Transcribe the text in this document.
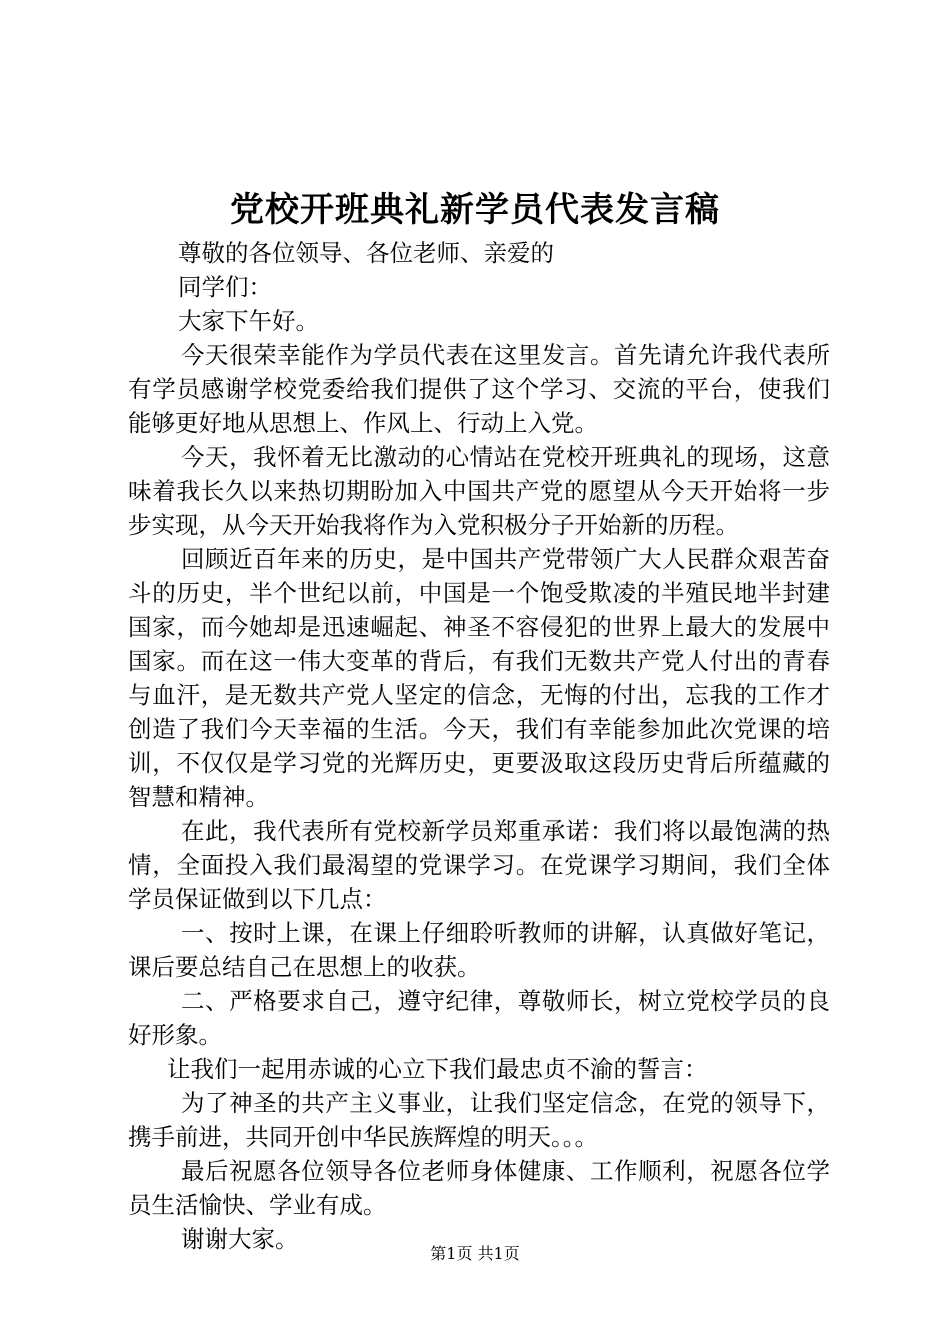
党校开班典礼新学员代表发言稿

尊敬的各位领导、各位老师、亲爱的

同学们：

大家下午好。

今天很荣幸能作为学员代表在这里发言。首先请允许我代表所有学员感谢学校党委给我们提供了这个学习、交流的平台，使我们能够更好地从思想上、作风上、行动上入党。

今天，我怀着无比激动的心情站在党校开班典礼的现场，这意味着我长久以来热切期盼加入中国共产党的愿望从今天开始将一步步实现，从今天开始我将作为入党积极分子开始新的历程。

回顾近百年来的历史，是中国共产党带领广大人民群众艰苦奋斗的历史，半个世纪以前，中国是一个饱受欺凌的半殖民地半封建国家，而今她却是迅速崛起、神圣不容侵犯的世界上最大的发展中国家。而在这一伟大变革的背后，有我们无数共产党人付出的青春与血汗，是无数共产党人坚定的信念，无悔的付出，忘我的工作才创造了我们今天幸福的生活。今天，我们有幸能参加此次党课的培训，不仅仅是学习党的光辉历史，更要汲取这段历史背后所蕴藏的智慧和精神。

在此，我代表所有党校新学员郑重承诺：我们将以最饱满的热情，全面投入我们最渴望的党课学习。在党课学习期间，我们全体学员保证做到以下几点：

一、按时上课，在课上仔细聆听教师的讲解，认真做好笔记，课后要总结自己在思想上的收获。

二、严格要求自己，遵守纪律，尊敬师长，树立党校学员的良好形象。

让我们一起用赤诚的心立下我们最忠贞不渝的誓言：

为了神圣的共产主义事业，让我们坚定信念，在党的领导下，携手前进，共同开创中华民族辉煌的明天。。。

最后祝愿各位领导各位老师身体健康、工作顺利，祝愿各位学员生活愉快、学业有成。

谢谢大家。

第1页 共1页
